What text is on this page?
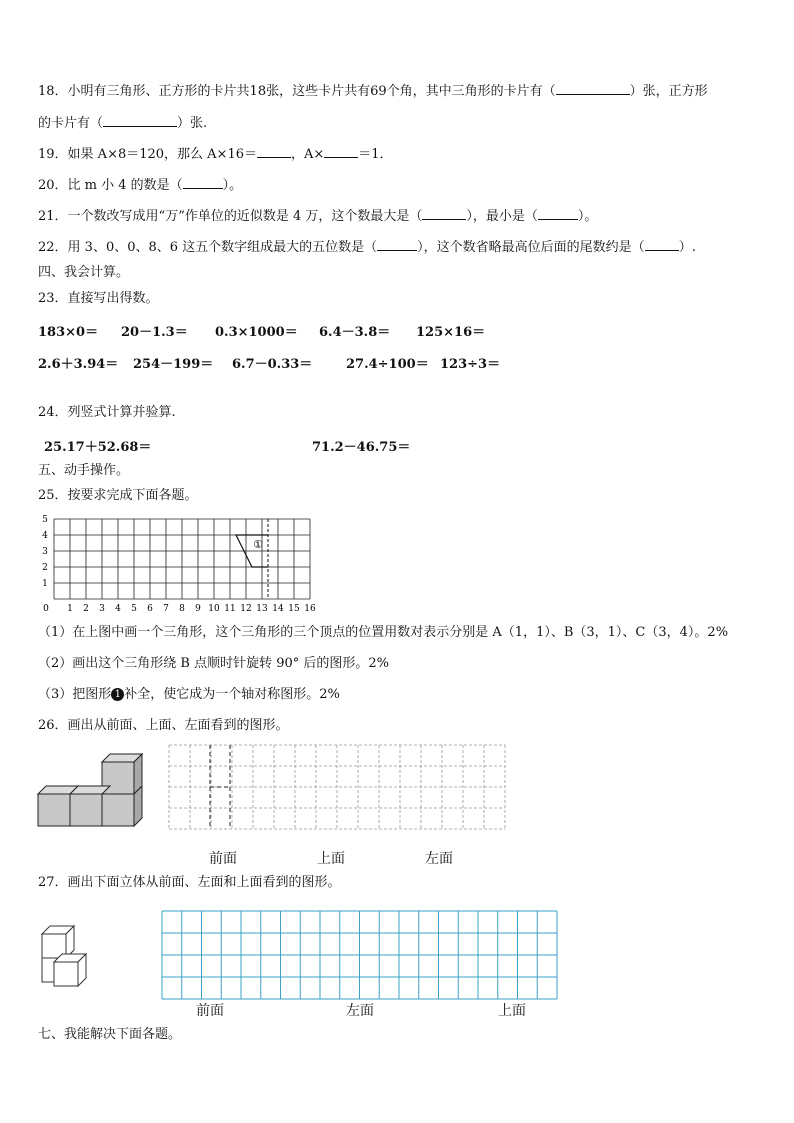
18．小明有三角形、正方形的卡片共18张，这些卡片共有69个角，其中三角形的卡片有（	）张，正方形
的卡片有（	）张.
19．如果 A×8＝120，那么 A×16＝	，A×	＝1．
20．比 m 小 4 的数是（	）。
21．一个数改写成用“万”作单位的近似数是 4 万，这个数最大是（	），最小是（	）。
22．用 3、0、0、8、6 这五个数字组成最大的五位数是（	），这个数省略最高位后面的尾数约是（	）.
四、我会计算。
23．直接写出得数。
183×0＝ 20－1.3＝ 0.3×1000＝ 6.4－3.8＝ 125×16＝
2.6＋3.94＝ 254－199＝ 6.7－0.33＝	27.4÷100＝ 123÷3＝
24．列竖式计算并验算.
25.17＋52.68＝	71.2－46.75＝
五、动手操作。
25．按要求完成下面各题。
0 1 2 3 4 5 6 7 8 9 10 11 12 13 14 15 16
1
2
3
4
5
①
（1）在上图中画一个三角形，这个三角形的三个顶点的位置用数对表示分别是 A（1，1）、B（3，1）、C（3，4）。2%
（2）画出这个三角形绕 B 点顺时针旋转 90° 后的图形。2%
（3）把图形 1 补全，使它成为一个轴对称图形。2%
26．画出从前面、上面、左面看到的图形。
前面	上面	左面
27．画出下面立体从前面、左面和上面看到的图形。
前面	左面	上面
七、我能解决下面各题。
